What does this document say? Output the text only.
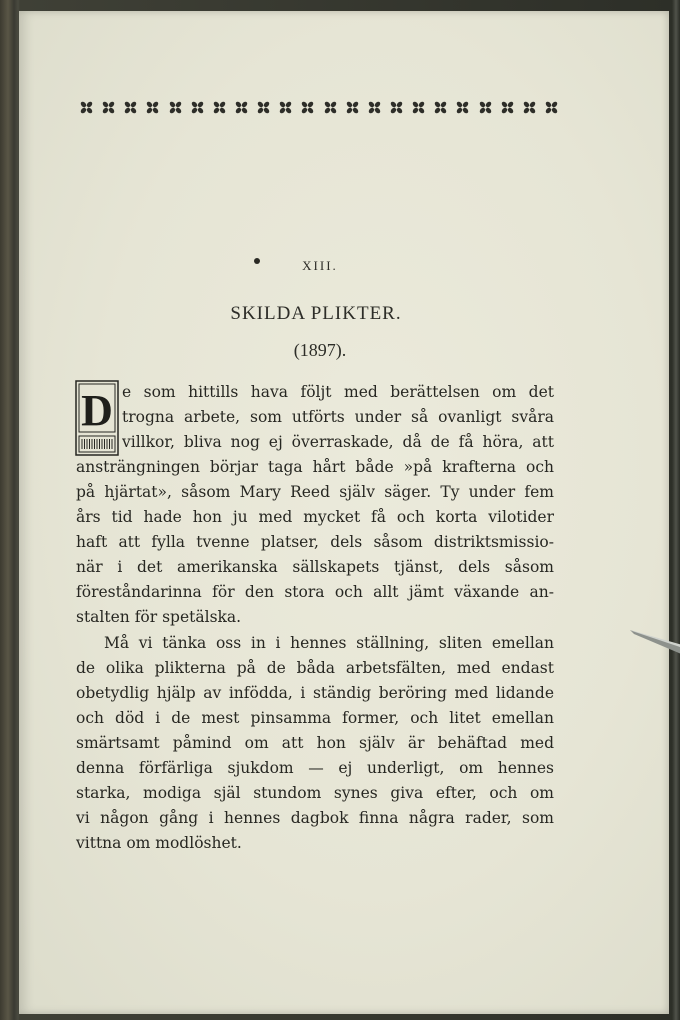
XIII.
SKILDA PLIKTER.
(1897).
D e som hittills hava följt med berättelsen om det
trogna arbete, som utförts under så ovanligt svåra
villkor, bliva nog ej överraskade, då de få höra, att
ansträngningen börjar taga hårt både »på krafterna och
på hjärtat», såsom Mary Reed själv säger. Ty under fem
års tid hade hon ju med mycket få och korta vilotider
haft att fylla tvenne platser, dels såsom distriktsmissio-
när i det amerikanska sällskapets tjänst, dels såsom
föreståndarinna för den stora och allt jämt växande an-
stalten för spetälska.
Må vi tänka oss in i hennes ställning, sliten emellan
de olika plikterna på de båda arbetsfälten, med endast
obetydlig hjälp av infödda, i ständig beröring med lidande
och död i de mest pinsamma former, och litet emellan
smärtsamt påmind om att hon själv är behäftad med
denna förfärliga sjukdom — ej underligt, om hennes
starka, modiga själ stundom synes giva efter, och om
vi någon gång i hennes dagbok finna några rader, som
vittna om modlöshet.
